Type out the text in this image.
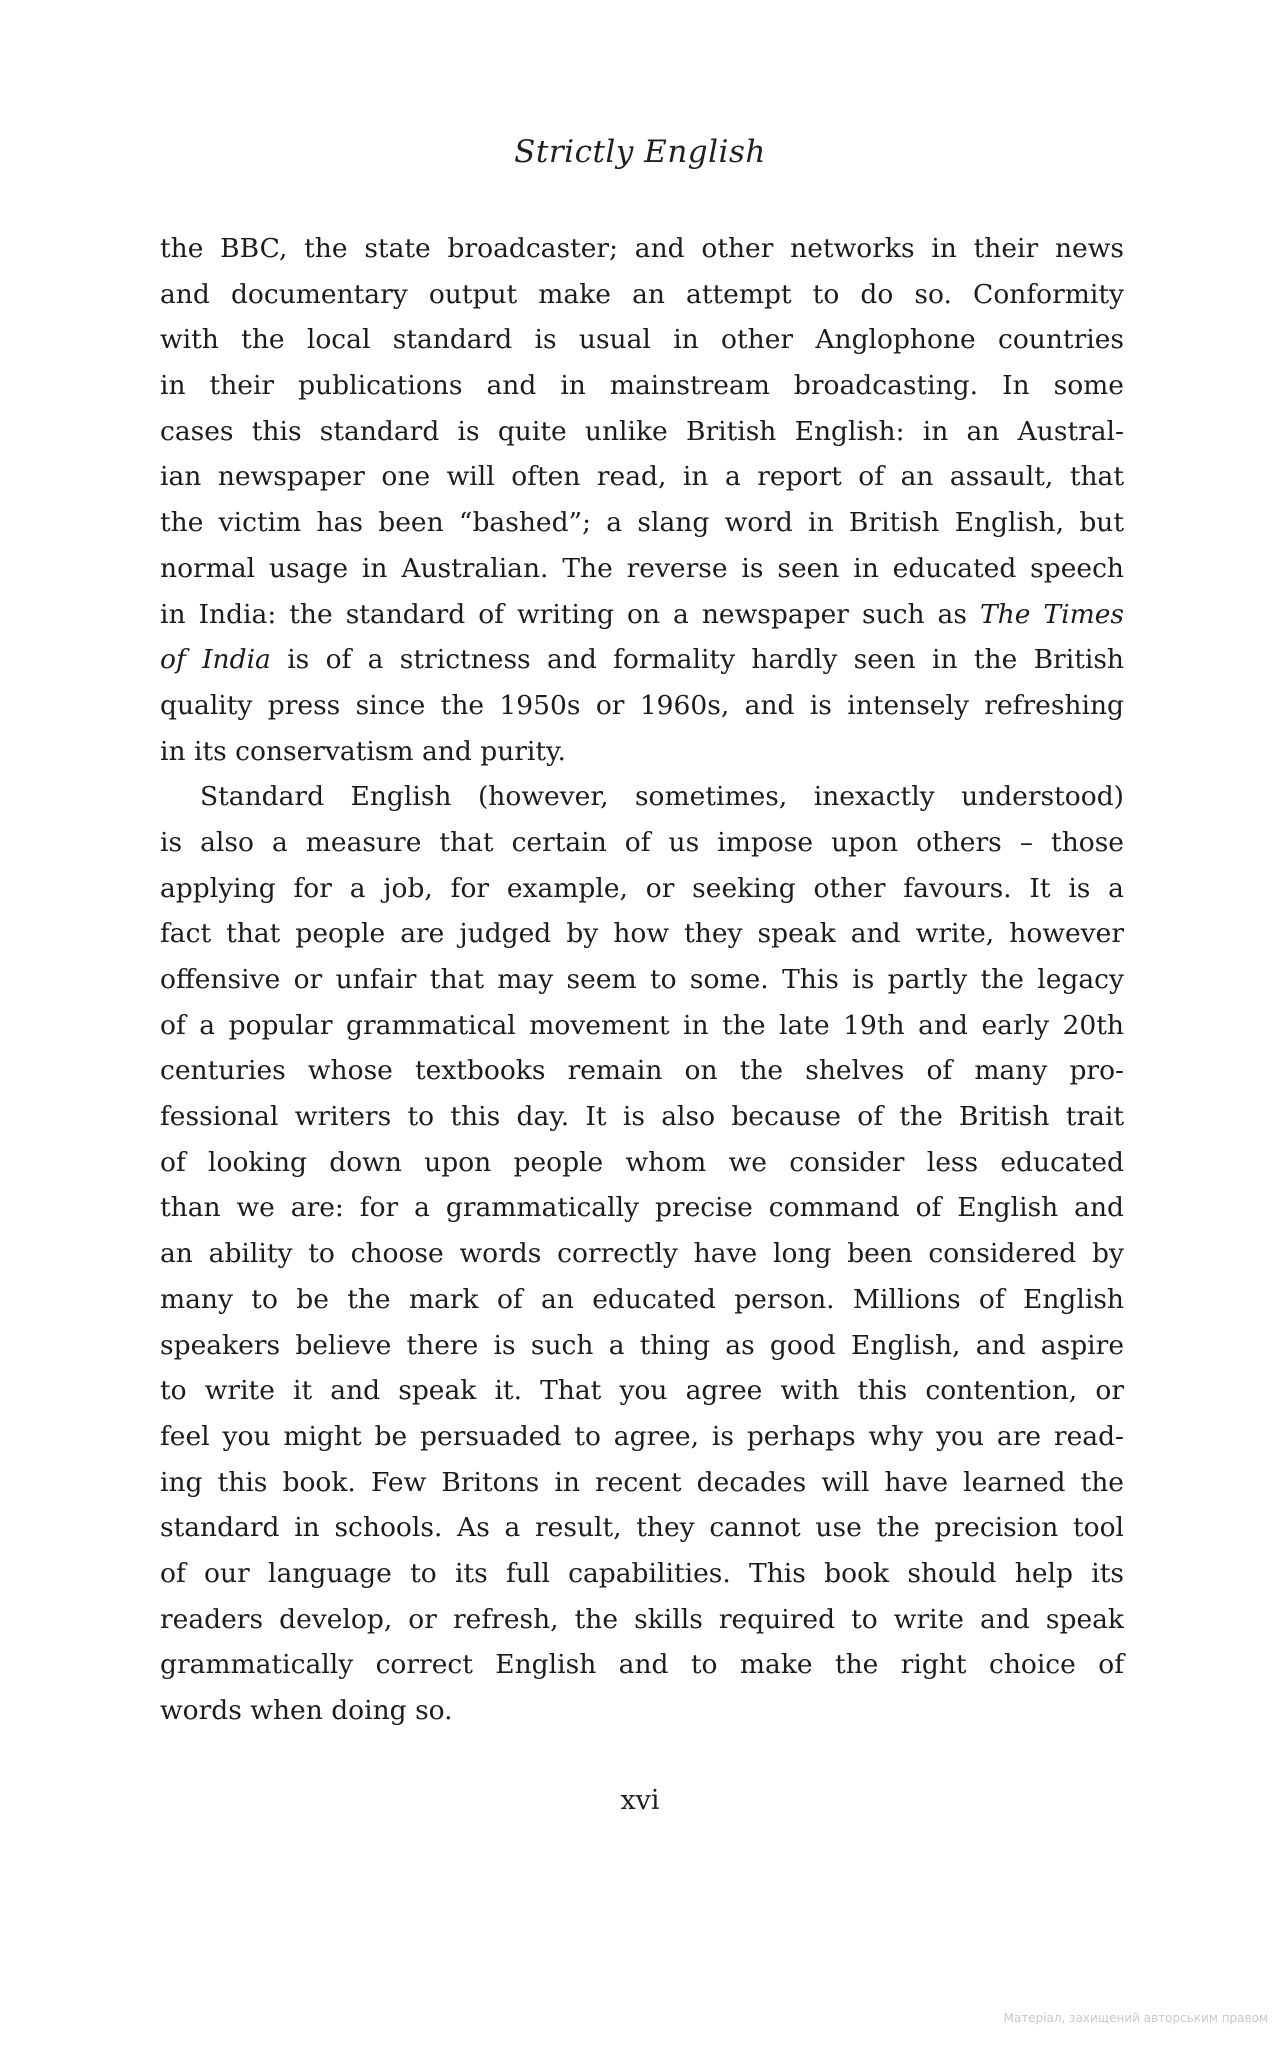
Strictly English
the BBC, the state broadcaster; and other networks in their news
and documentary output make an attempt to do so. Conformity
with the local standard is usual in other Anglophone countries
in their publications and in mainstream broadcasting. In some
cases this standard is quite unlike British English: in an Austral-
ian newspaper one will often read, in a report of an assault, that
the victim has been “bashed”; a slang word in British English, but
normal usage in Australian. The reverse is seen in educated speech
in India: the standard of writing on a newspaper such as The Times
of India is of a strictness and formality hardly seen in the British
quality press since the 1950s or 1960s, and is intensely refreshing
in its conservatism and purity.
Standard English (however, sometimes, inexactly understood)
is also a measure that certain of us impose upon others – those
applying for a job, for example, or seeking other favours. It is a
fact that people are judged by how they speak and write, however
offensive or unfair that may seem to some. This is partly the legacy
of a popular grammatical movement in the late 19th and early 20th
centuries whose textbooks remain on the shelves of many pro-
fessional writers to this day. It is also because of the British trait
of looking down upon people whom we consider less educated
than we are: for a grammatically precise command of English and
an ability to choose words correctly have long been considered by
many to be the mark of an educated person. Millions of English
speakers believe there is such a thing as good English, and aspire
to write it and speak it. That you agree with this contention, or
feel you might be persuaded to agree, is perhaps why you are read-
ing this book. Few Britons in recent decades will have learned the
standard in schools. As a result, they cannot use the precision tool
of our language to its full capabilities. This book should help its
readers develop, or refresh, the skills required to write and speak
grammatically correct English and to make the right choice of
words when doing so.
xvi
Матеріал, захищений авторським правом
